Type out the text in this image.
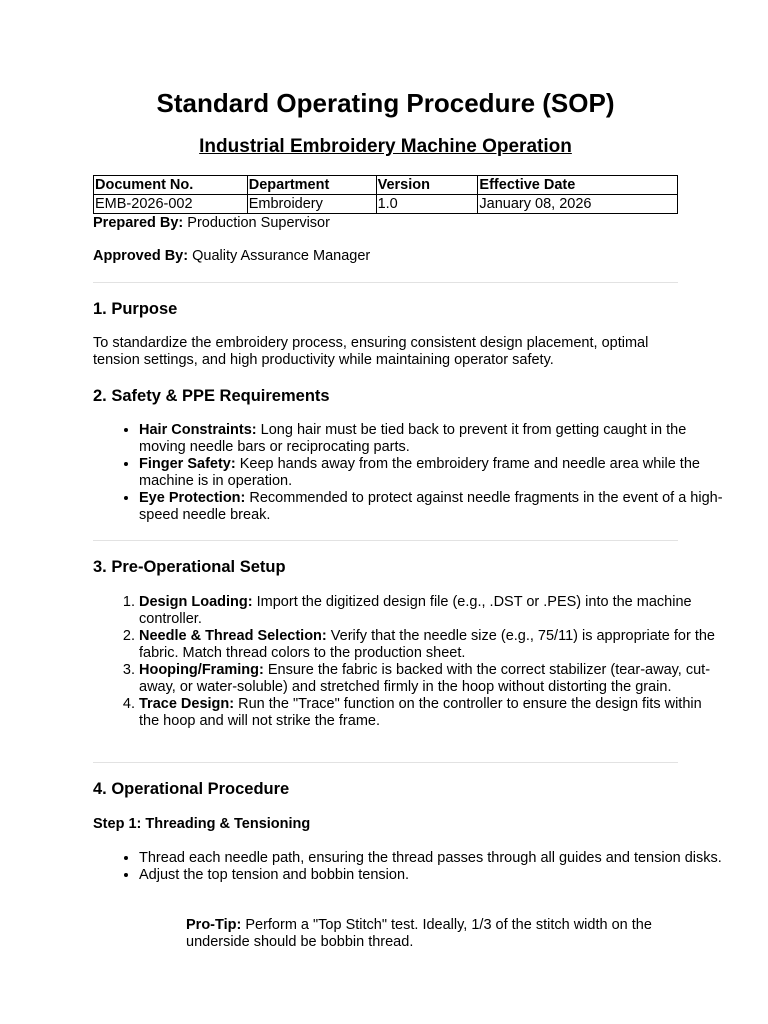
Standard Operating Procedure (SOP)
Industrial Embroidery Machine Operation
Document No.	Department	Version	Effective Date
EMB-2026-002	Embroidery	1.0	January 08, 2026
Prepared By: Production Supervisor
Approved By: Quality Assurance Manager
1. Purpose

To standardize the embroidery process, ensuring consistent design placement, optimal tension settings, and high productivity while maintaining operator safety.

2. Safety & PPE Requirements
• Hair Constraints: Long hair must be tied back to prevent it from getting caught in the moving needle bars or reciprocating parts.
• Finger Safety: Keep hands away from the embroidery frame and needle area while the machine is in operation.
• Eye Protection: Recommended to protect against needle fragments in the event of a high-speed needle break.
3. Pre-Operational Setup
1. Design Loading: Import the digitized design file (e.g., .DST or .PES) into the machine controller.
2. Needle & Thread Selection: Verify that the needle size (e.g., 75/11) is appropriate for the fabric. Match thread colors to the production sheet.
3. Hooping/Framing: Ensure the fabric is backed with the correct stabilizer (tear-away, cut-away, or water-soluble) and stretched firmly in the hoop without distorting the grain.
4. Trace Design: Run the "Trace" function on the controller to ensure the design fits within the hoop and will not strike the frame.
4. Operational Procedure
Step 1: Threading & Tensioning
• Thread each needle path, ensuring the thread passes through all guides and tension disks.
• Adjust the top tension and bobbin tension.

Pro-Tip: Perform a "Top Stitch" test. Ideally, 1/3 of the stitch width on the underside should be bobbin thread.
